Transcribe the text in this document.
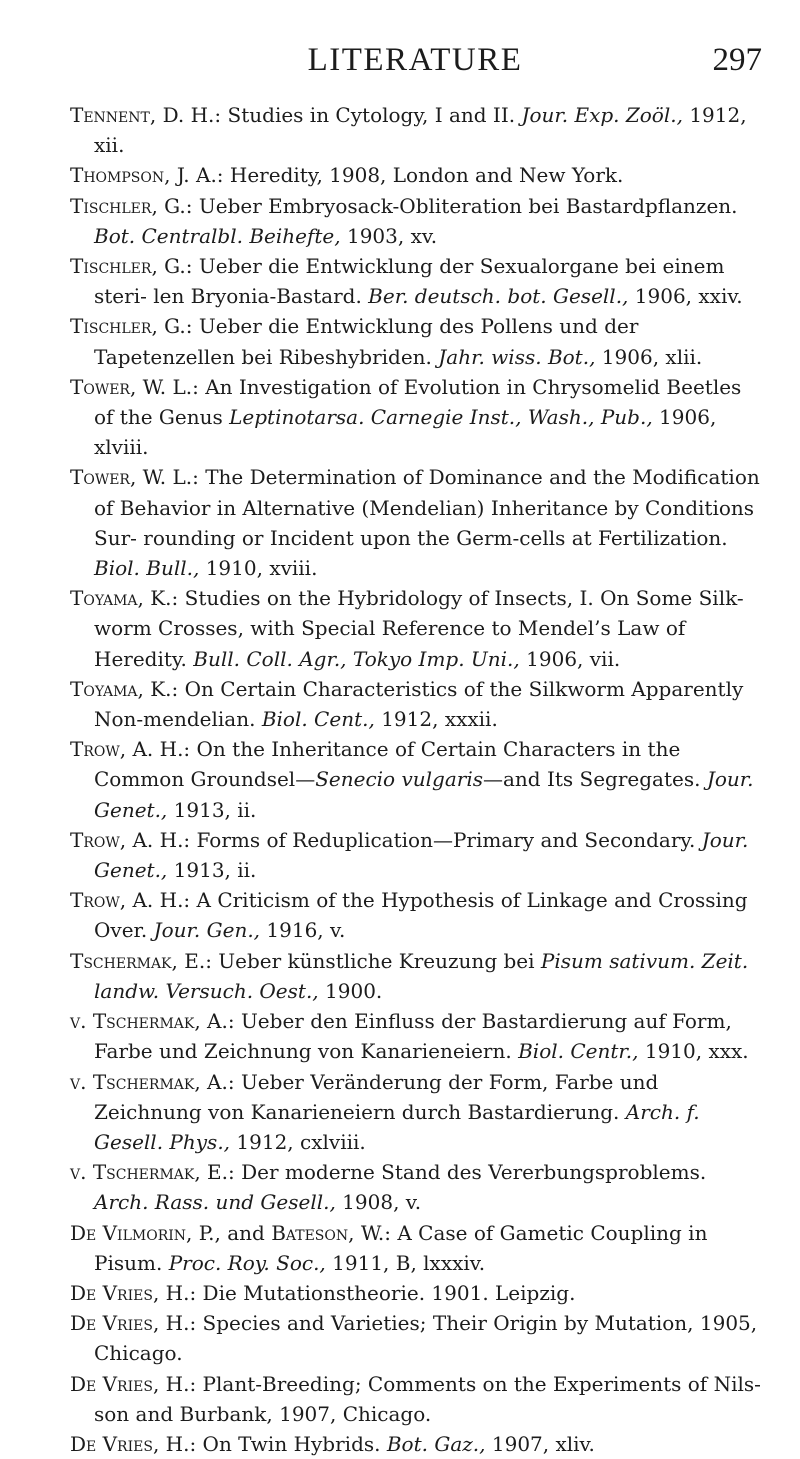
LITERATURE	297

Tennent, D. H.: Studies in Cytology, I and II. Jour. Exp. Zoöl., 1912, xii.

Thompson, J. A.: Heredity, 1908, London and New York.

Tischler, G.: Ueber Embryosack-Obliteration bei Bastardpflanzen. Bot. Centralbl. Beihefte, 1903, xv.

Tischler, G.: Ueber die Entwicklung der Sexualorgane bei einem steri- len Bryonia-Bastard. Ber. deutsch. bot. Gesell., 1906, xxiv.

Tischler, G.: Ueber die Entwicklung des Pollens und der Tapetenzellen bei Ribeshybriden. Jahr. wiss. Bot., 1906, xlii.

Tower, W. L.: An Investigation of Evolution in Chrysomelid Beetles of the Genus Leptinotarsa. Carnegie Inst., Wash., Pub., 1906, xlviii.

Tower, W. L.: The Determination of Dominance and the Modification of Behavior in Alternative (Mendelian) Inheritance by Conditions Sur- rounding or Incident upon the Germ-cells at Fertilization. Biol. Bull., 1910, xviii.

Toyama, K.: Studies on the Hybridology of Insects, I. On Some Silk- worm Crosses, with Special Reference to Mendel’s Law of Heredity. Bull. Coll. Agr., Tokyo Imp. Uni., 1906, vii.

Toyama, K.: On Certain Characteristics of the Silkworm Apparently Non-mendelian. Biol. Cent., 1912, xxxii.

Trow, A. H.: On the Inheritance of Certain Characters in the Common Groundsel—Senecio vulgaris—and Its Segregates. Jour. Genet., 1913, ii.

Trow, A. H.: Forms of Reduplication—Primary and Secondary. Jour. Genet., 1913, ii.

Trow, A. H.: A Criticism of the Hypothesis of Linkage and Crossing Over. Jour. Gen., 1916, v.

Tschermak, E.: Ueber künstliche Kreuzung bei Pisum sativum. Zeit. landw. Versuch. Oest., 1900.

v. Tschermak, A.: Ueber den Einfluss der Bastardierung auf Form, Farbe und Zeichnung von Kanarieneiern. Biol. Centr., 1910, xxx.

v. Tschermak, A.: Ueber Veränderung der Form, Farbe und Zeichnung von Kanarieneiern durch Bastardierung. Arch. f. Gesell. Phys., 1912, cxlviii.

v. Tschermak, E.: Der moderne Stand des Vererbungsproblems. Arch. Rass. und Gesell., 1908, v.

De Vilmorin, P., and Bateson, W.: A Case of Gametic Coupling in Pisum. Proc. Roy. Soc., 1911, B, lxxxiv.

De Vries, H.: Die Mutationstheorie. 1901. Leipzig.

De Vries, H.: Species and Varieties; Their Origin by Mutation, 1905, Chicago.

De Vries, H.: Plant-Breeding; Comments on the Experiments of Nils- son and Burbank, 1907, Chicago.

De Vries, H.: On Twin Hybrids. Bot. Gaz., 1907, xliv.
